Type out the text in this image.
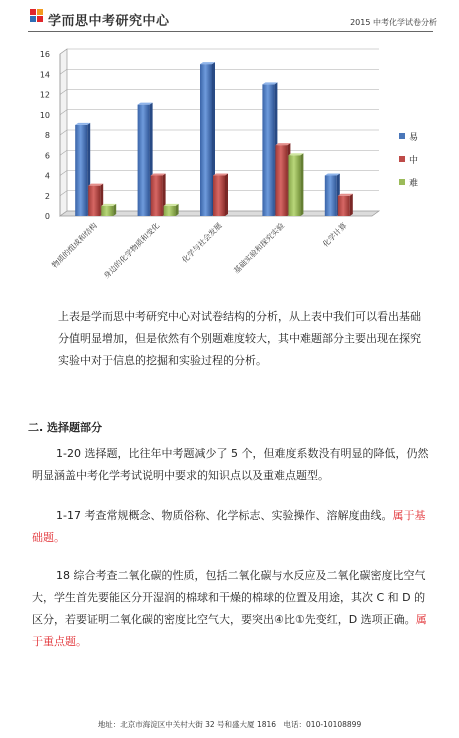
学而思中考研究中心	2015 中考化学试卷分析
0
2
4
6
8
10
12
14
16
物质的组成和结构 身边的化学物质和变化	化学与社会发展 基础实验和探究实验	化学计算
易
中
难
上表是学而思中考研究中心对试卷结构的分析，从上表中我们可以看出基础分值明显增加，但是依然有个别题难度较大，其中难题部分主要出现在探究实验中对于信息的挖掘和实验过程的分析。
二. 选择题部分
1-20 选择题，比往年中考题减少了 5 个，但难度系数没有明显的降低，仍然明显涵盖中考化学考试说明中要求的知识点以及重难点题型。
1-17 考查常规概念、物质俗称、化学标志、实验操作、溶解度曲线。属于基础题。
18 综合考查二氧化碳的性质，包括二氧化碳与水反应及二氧化碳密度比空气大，学生首先要能区分开湿润的棉球和干燥的棉球的位置及用途，其次 C 和 D 的区分，若要证明二氧化碳的密度比空气大，要突出④比①先变红，D 选项正确。属于重点题。
地址：北京市海淀区中关村大街 32 号和盛大厦 1816　电话：010-10108899
